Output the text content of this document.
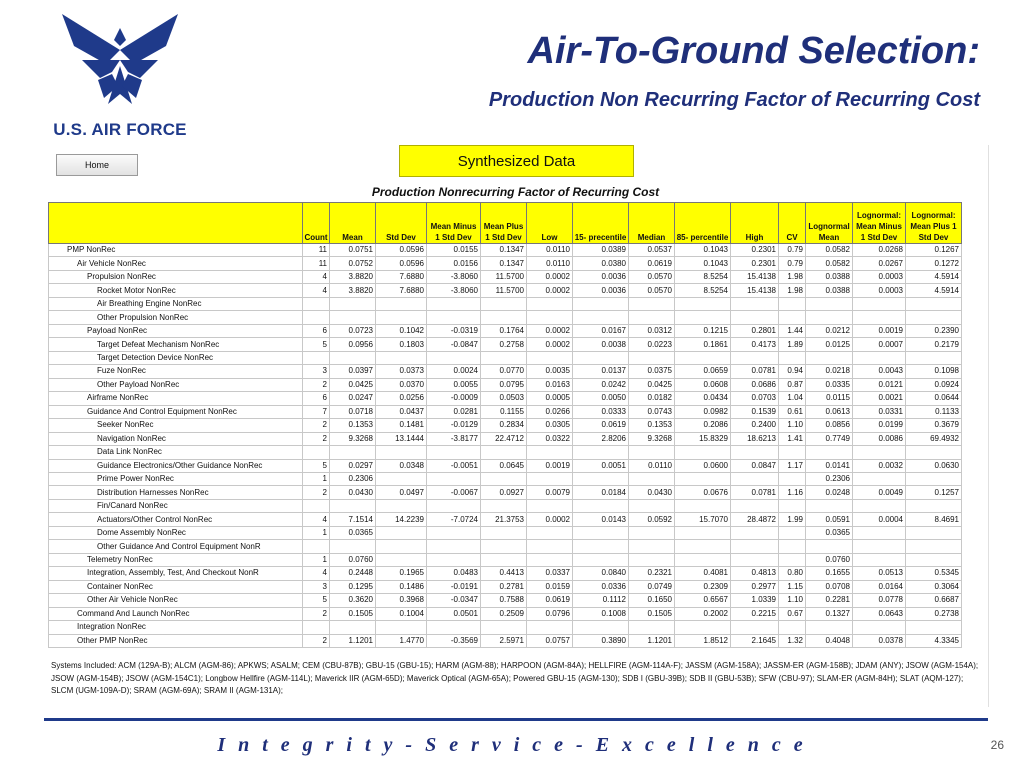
U.S. AIR FORCE
Air-To-Ground Selection:
Production Non Recurring Factor of Recurring Cost
Home	Synthesized Data
Production Nonrecurring Factor of Recurring Cost
	Count	Mean	Std Dev	Mean Minus 1 Std Dev	Mean Plus 1 Std Dev	Low	15- precentile	Median	85- percentile	High	CV	Lognormal Mean	Lognormal: Mean Minus 1 Std Dev	Lognormal: Mean Plus 1 Std Dev
PMP NonRec	11	0.0751	0.0596	0.0155	0.1347	0.0110	0.0389	0.0537	0.1043	0.2301	0.79	0.0582	0.0268	0.1267
Air Vehicle NonRec	11	0.0752	0.0596	0.0156	0.1347	0.0110	0.0380	0.0619	0.1043	0.2301	0.79	0.0582	0.0267	0.1272
Propulsion NonRec	4	3.8820	7.6880	-3.8060	11.5700	0.0002	0.0036	0.0570	8.5254	15.4138	1.98	0.0388	0.0003	4.5914
Rocket Motor NonRec	4	3.8820	7.6880	-3.8060	11.5700	0.0002	0.0036	0.0570	8.5254	15.4138	1.98	0.0388	0.0003	4.5914
Air Breathing Engine NonRec														
Other Propulsion NonRec														
Payload NonRec	6	0.0723	0.1042	-0.0319	0.1764	0.0002	0.0167	0.0312	0.1215	0.2801	1.44	0.0212	0.0019	0.2390
Target Defeat Mechanism NonRec	5	0.0956	0.1803	-0.0847	0.2758	0.0002	0.0038	0.0223	0.1861	0.4173	1.89	0.0125	0.0007	0.2179
Target Detection Device NonRec														
Fuze NonRec	3	0.0397	0.0373	0.0024	0.0770	0.0035	0.0137	0.0375	0.0659	0.0781	0.94	0.0218	0.0043	0.1098
Other Payload NonRec	2	0.0425	0.0370	0.0055	0.0795	0.0163	0.0242	0.0425	0.0608	0.0686	0.87	0.0335	0.0121	0.0924
Airframe NonRec	6	0.0247	0.0256	-0.0009	0.0503	0.0005	0.0050	0.0182	0.0434	0.0703	1.04	0.0115	0.0021	0.0644
Guidance And Control Equipment NonRec	7	0.0718	0.0437	0.0281	0.1155	0.0266	0.0333	0.0743	0.0982	0.1539	0.61	0.0613	0.0331	0.1133
Seeker NonRec	2	0.1353	0.1481	-0.0129	0.2834	0.0305	0.0619	0.1353	0.2086	0.2400	1.10	0.0856	0.0199	0.3679
Navigation NonRec	2	9.3268	13.1444	-3.8177	22.4712	0.0322	2.8206	9.3268	15.8329	18.6213	1.41	0.7749	0.0086	69.4932
Data Link NonRec														
Guidance Electronics/Other Guidance NonRec	5	0.0297	0.0348	-0.0051	0.0645	0.0019	0.0051	0.0110	0.0600	0.0847	1.17	0.0141	0.0032	0.0630
Prime Power NonRec	1	0.2306										0.2306		
Distribution Harnesses NonRec	2	0.0430	0.0497	-0.0067	0.0927	0.0079	0.0184	0.0430	0.0676	0.0781	1.16	0.0248	0.0049	0.1257
Fin/Canard NonRec														
Actuators/Other Control NonRec	4	7.1514	14.2239	-7.0724	21.3753	0.0002	0.0143	0.0592	15.7070	28.4872	1.99	0.0591	0.0004	8.4691
Dome Assembly NonRec	1	0.0365										0.0365		
Other Guidance And Control Equipment NonR														
Telemetry NonRec	1	0.0760										0.0760		
Integration, Assembly, Test, And Checkout NonR	4	0.2448	0.1965	0.0483	0.4413	0.0337	0.0840	0.2321	0.4081	0.4813	0.80	0.1655	0.0513	0.5345
Container NonRec	3	0.1295	0.1486	-0.0191	0.2781	0.0159	0.0336	0.0749	0.2309	0.2977	1.15	0.0708	0.0164	0.3064
Other Air Vehicle NonRec	5	0.3620	0.3968	-0.0347	0.7588	0.0619	0.1112	0.1650	0.6567	1.0339	1.10	0.2281	0.0778	0.6687
Command And Launch NonRec	2	0.1505	0.1004	0.0501	0.2509	0.0796	0.1008	0.1505	0.2002	0.2215	0.67	0.1327	0.0643	0.2738
Integration NonRec														
Other PMP NonRec	2	1.1201	1.4770	-0.3569	2.5971	0.0757	0.3890	1.1201	1.8512	2.1645	1.32	0.4048	0.0378	4.3345
Systems Included: ACM (129A-B); ALCM (AGM-86); APKWS; ASALM; CEM (CBU-87B); GBU-15 (GBU-15); HARM (AGM-88); HARPOON (AGM-84A); HELLFIRE (AGM-114A-F); JASSM (AGM-158A); JASSM-ER (AGM-158B); JDAM (ANY); JSOW (AGM-154A); JSOW (AGM-154B); JSOW (AGM-154C1); Longbow Hellfire (AGM-114L); Maverick IIR (AGM-65D); Maverick Optical (AGM-65A); Powered GBU-15 (AGM-130); SDB I (GBU-39B); SDB II (GBU-53B); SFW (CBU-97); SLAM-ER (AGM-84H); SLAT (AQM-127); SLCM (UGM-109A-D); SRAM (AGM-69A); SRAM II (AGM-131A);
I n t e g r i t y - S e r v i c e - E x c e l l e n c e	26
